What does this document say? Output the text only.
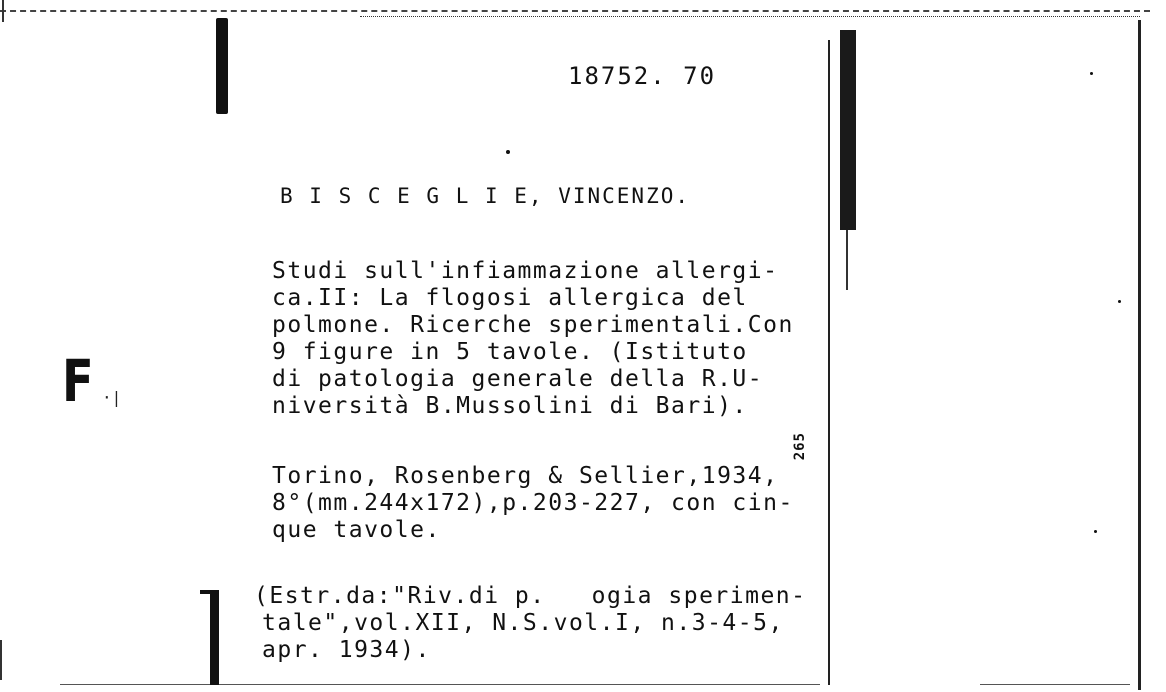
F ·|
18752. 70
B I S C E G L I E, VINCENZO.
Studi sull'infiammazione allergi-
ca.II: La flogosi allergica del
polmone. Ricerche sperimentali.Con
9 figure in 5 tavole. (Istituto
di patologia generale della R.U-
niversità B.Mussolini di Bari).
265
Torino, Rosenberg & Sellier,1934,
8°(mm.244x172),p.203-227, con cin-
que tavole.
(Estr.da:"Riv.di p.   ogia sperimen-
tale",vol.XII, N.S.vol.I, n.3-4-5,
apr. 1934).
